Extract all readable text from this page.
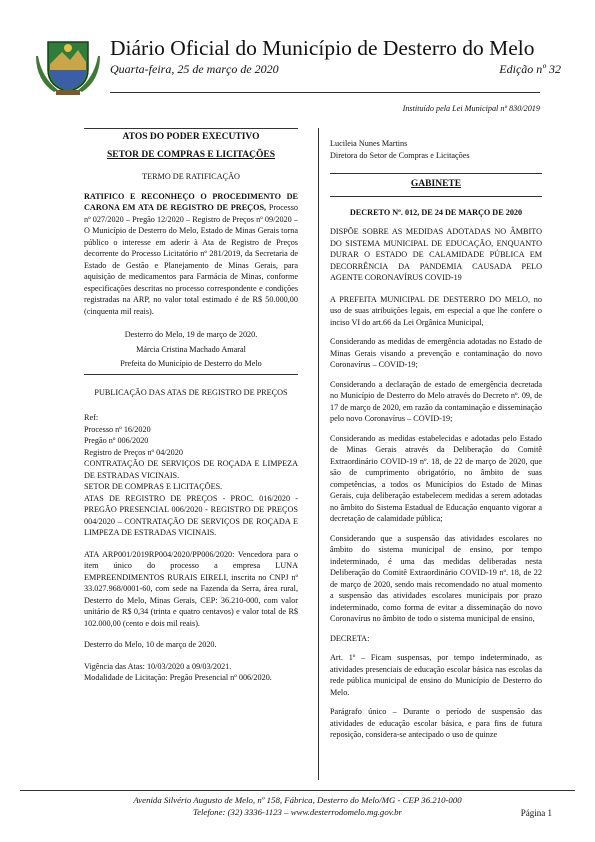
Diário Oficial do Município de Desterro do Melo
Quarta-feira, 25 de março de 2020	Edição nº 32
Instituído pela Lei Municipal nº 830/2019

ATOS DO PODER EXECUTIVO

SETOR DE COMPRAS E LICITAÇÕES

TERMO DE RATIFICAÇÃO

RATIFICO E RECONHEÇO O PROCEDIMENTO DE CARONA EM ATA DE REGISTRO DE PREÇOS, Processo nº 027/2020 – Pregão 12/2020 – Registro de Preços nº 09/2020 – O Município de Desterro do Melo, Estado de Minas Gerais torna público o interesse em aderir à Ata de Registro de Preços decorrente do Processo Licitatório nº 281/2019, da Secretaria de Estado de Gestão e Planejamento de Minas Gerais, para aquisição de medicamentos para Farmácia de Minas, conforme especificações descritas no processo correspondente e condições registradas na ARP, no valor total estimado é de R$ 50.000,00 (cinquenta mil reais).

Desterro do Melo, 19 de março de 2020.

Márcia Cristina Machado Amaral

Prefeita do Município de Desterro do Melo

PUBLICAÇÃO DAS ATAS DE REGISTRO DE PREÇOS

Ref:

Processo nº 16/2020

Pregão nº 006/2020

Registro de Preços nº 04/2020

CONTRATAÇÃO DE SERVIÇOS DE ROÇADA E LIMPEZA DE ESTRADAS VICINAIS.

SETOR DE COMPRAS E LICITAÇÕES.

ATAS DE REGISTRO DE PREÇOS - PROC. 016/2020 - PREGÃO PRESENCIAL 006/2020 - REGISTRO DE PREÇOS 004/2020 – CONTRATAÇÃO DE SERVIÇOS DE ROÇADA E LIMPEZA DE ESTRADAS VICINAIS.

ATA ARP001/2019RP004/2020/PP006/2020: Vencedora para o item único do processo a empresa LUNA EMPREENDIMENTOS RURAIS EIRELI, inscrita no CNPJ nº 33.027.968/0001-60, com sede na Fazenda da Serra, área rural, Desterro do Melo, Minas Gerais, CEP: 36.210-000, com valor unitário de R$ 0,34 (trinta e quatro centavos) e valor total de R$ 102.000,00 (cento e dois mil reais).

Desterro do Melo, 10 de março de 2020.

Vigência das Atas: 10/03/2020 a 09/03/2021.

Modalidade de Licitação: Pregão Presencial nº 006/2020.

Lucileia Nunes Martins

Diretora do Setor de Compras e Licitações

GABINETE

DECRETO Nº. 012, DE 24 DE MARÇO DE 2020

DISPÕE SOBRE AS MEDIDAS ADOTADAS NO ÂMBITO DO SISTEMA MUNICIPAL DE EDUCAÇÃO, ENQUANTO DURAR O ESTADO DE CALAMIDADE PÚBLICA EM DECORRÊNCIA DA PANDEMIA CAUSADA PELO AGENTE CORONAVÍRUS COVID-19

A PREFEITA MUNICIPAL DE DESTERRO DO MELO, no uso de suas atribuições legais, em especial a que lhe confere o inciso VI do art.66 da Lei Orgânica Municipal,

Considerando as medidas de emergência adotadas no Estado de Minas Gerais visando a prevenção e contaminação do novo Coronavírus – COVID-19;

Considerando a declaração de estado de emergência decretada no Município de Desterro do Melo através do Decreto nº. 09, de 17 de março de 2020, em razão da contaminação e disseminação pelo novo Coronavírus – COVID-19;

Considerando as medidas estabelecidas e adotadas pelo Estado de Minas Gerais através da Deliberação do Comitê Extraordinário COVID-19 nº. 18, de 22 de março de 2020, que são de cumprimento obrigatório, no âmbito de suas competências, a todos os Municípios do Estado de Minas Gerais, cuja deliberação estabelecem medidas a serem adotadas no âmbito do Sistema Estadual de Educação enquanto vigorar a decretação de calamidade pública;

Considerando que a suspensão das atividades escolares no âmbito do sistema municipal de ensino, por tempo indeterminado, é uma das medidas deliberadas nesta Deliberação do Comitê Extraordinário COVID-19 nº. 18, de 22 de março de 2020, sendo mais recomendado no atual momento a suspensão das atividades escolares municipais por prazo indeterminado, como forma de evitar a disseminação do novo Coronavírus no âmbito de todo o sistema municipal de ensino,

DECRETA:

Art. 1º – Ficam suspensas, por tempo indeterminado, as atividades presenciais de educação escolar básica nas escolas da rede pública municipal de ensino do Município de Desterro do Melo.

Parágrafo único – Durante o período de suspensão das atividades de educação escolar básica, e para fins de futura reposição, considera-se antecipado o uso de quinze

Avenida Silvério Augusto de Melo, nº 158, Fábrica, Desterro do Melo/MG - CEP 36.210-000
Telefone: (32) 3336-1123 – www.desterrodomelo.mg.gov.br	Página 1
